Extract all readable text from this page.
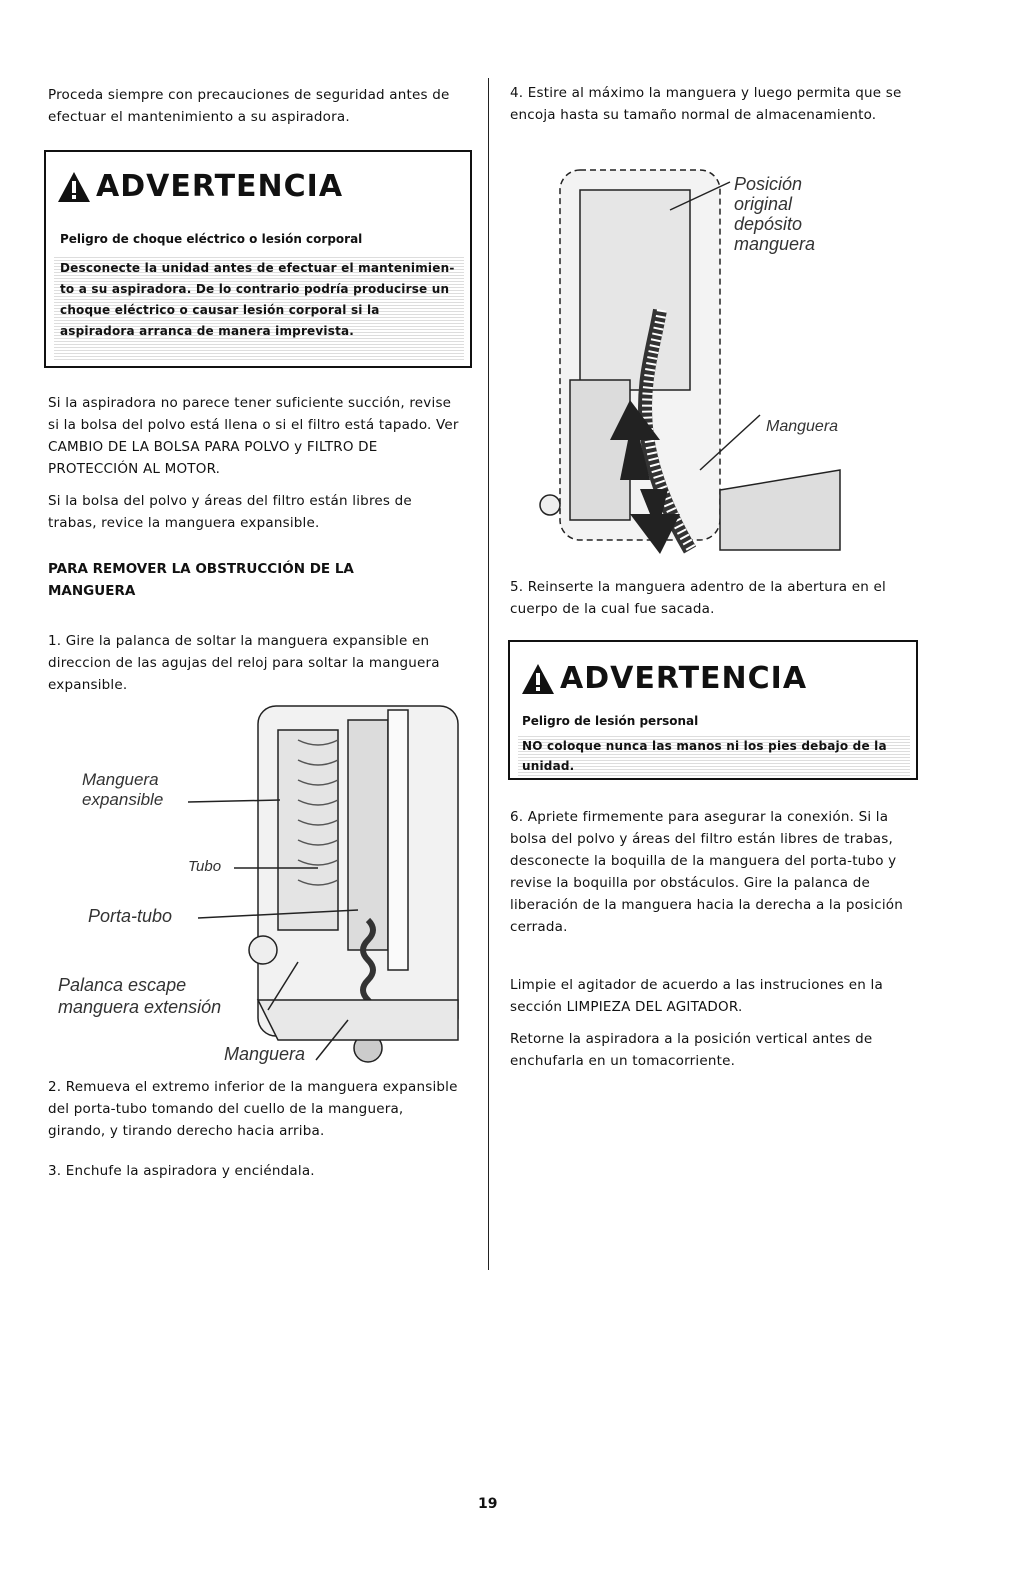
Proceda siempre con precauciones de seguridad antes de efectuar el mantenimiento a su aspiradora.
ADVERTENCIA
Peligro de choque eléctrico o lesión corporal
Desconecte la unidad antes de efectuar el mantenimiento a su aspiradora. De lo contrario podría producirse un choque eléctrico o causar lesión corporal si la aspiradora arranca de manera imprevista.
Si la aspiradora no parece tener suficiente succión, revise si la bolsa del polvo está llena o si el filtro está tapado. Ver CAMBIO DE LA BOLSA PARA POLVO y FILTRO DE PROTECCIÓN AL MOTOR.
Si la bolsa del polvo y áreas del filtro están libres de trabas, revice la manguera expansible.
PARA REMOVER LA OBSTRUCCIÓN DE LA MANGUERA
1. Gire la palanca de soltar la manguera expansible en direccion de las agujas del reloj para soltar la manguera expansible.
Manguera
expansible
Tubo
Porta-tubo
Palanca escape
manguera extensión
Manguera
2. Remueva el extremo inferior de la manguera expansible del porta-tubo tomando del cuello de la manguera, girando, y tirando derecho hacia arriba.
3. Enchufe la aspiradora y enciéndala.
4. Estire al máximo la manguera y luego permita que se encoja hasta su tamaño normal de almacenamiento.
Posición
original
depósito
manguera
Manguera
5. Reinserte la manguera adentro de la abertura en el cuerpo de la cual fue sacada.
ADVERTENCIA
Peligro de lesión personal
NO coloque nunca las manos ni los pies debajo de la unidad.
6. Apriete firmemente para asegurar la conexión. Si la bolsa del polvo y áreas del filtro están libres de trabas, desconecte la boquilla de la manguera del porta-tubo y revise la boquilla por obstáculos. Gire la palanca de liberación de la manguera hacia la derecha a la posición cerrada.
Limpie el agitador de acuerdo a las instruciones en la sección LIMPIEZA DEL AGITADOR.
Retorne la aspiradora a la posición vertical antes de enchufarla en un tomacorriente.
19
